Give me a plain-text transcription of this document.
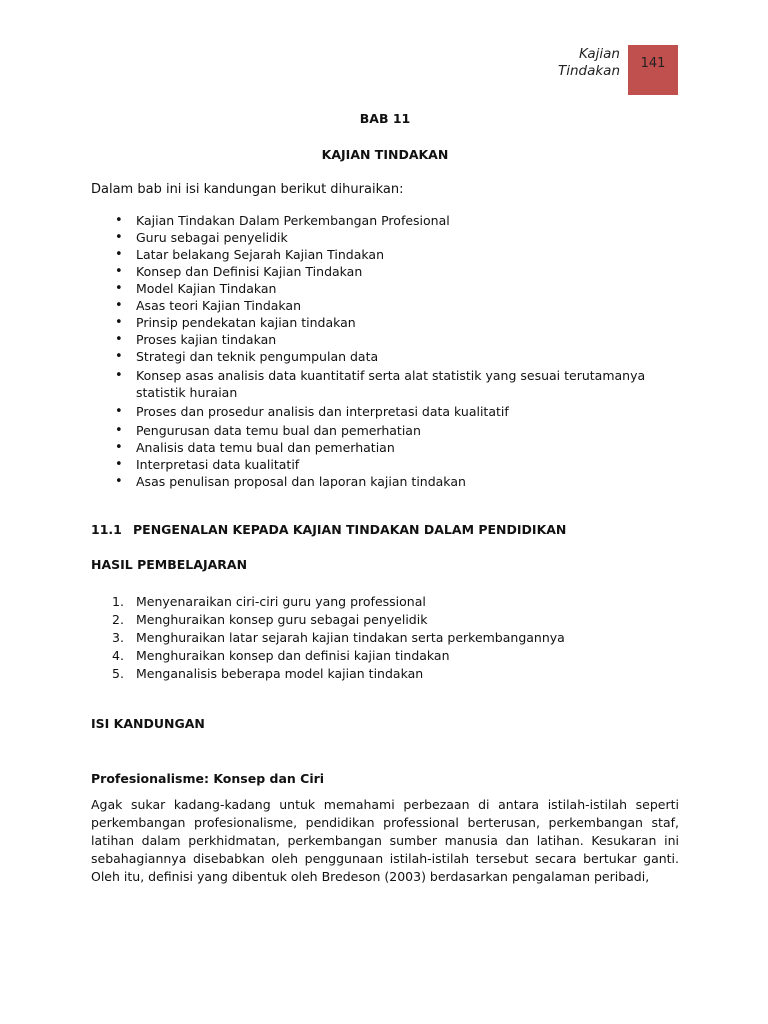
Kajian
Tindakan 141
BAB 11
KAJIAN TINDAKAN
Dalam bab ini isi kandungan berikut dihuraikan:
• Kajian Tindakan Dalam Perkembangan Profesional
• Guru sebagai penyelidik
• Latar belakang Sejarah Kajian Tindakan
• Konsep dan Definisi Kajian Tindakan
• Model Kajian Tindakan
• Asas teori Kajian Tindakan
• Prinsip pendekatan kajian tindakan
• Proses kajian tindakan
• Strategi dan teknik pengumpulan data
• Konsep asas analisis data kuantitatif serta alat statistik yang sesuai terutamanya statistik huraian
• Proses dan prosedur analisis dan interpretasi data kualitatif
• Pengurusan data temu bual dan pemerhatian
• Analisis data temu bual dan pemerhatian
• Interpretasi data kualitatif
• Asas penulisan proposal dan laporan kajian tindakan
11.1 PENGENALAN KEPADA KAJIAN TINDAKAN DALAM PENDIDIKAN
HASIL PEMBELAJARAN
1. Menyenaraikan ciri-ciri guru yang professional
2. Menghuraikan konsep guru sebagai penyelidik
3. Menghuraikan latar sejarah kajian tindakan serta perkembangannya
4. Menghuraikan konsep dan definisi kajian tindakan
5. Menganalisis beberapa model kajian tindakan
ISI KANDUNGAN
Profesionalisme: Konsep dan Ciri
Agak sukar kadang-kadang untuk memahami perbezaan di antara istilah-istilah seperti perkembangan profesionalisme, pendidikan professional berterusan, perkembangan staf, latihan dalam perkhidmatan, perkembangan sumber manusia dan latihan. Kesukaran ini sebahagiannya disebabkan oleh penggunaan istilah-istilah tersebut secara bertukar ganti. Oleh itu, definisi yang dibentuk oleh Bredeson (2003) berdasarkan pengalaman peribadi,
